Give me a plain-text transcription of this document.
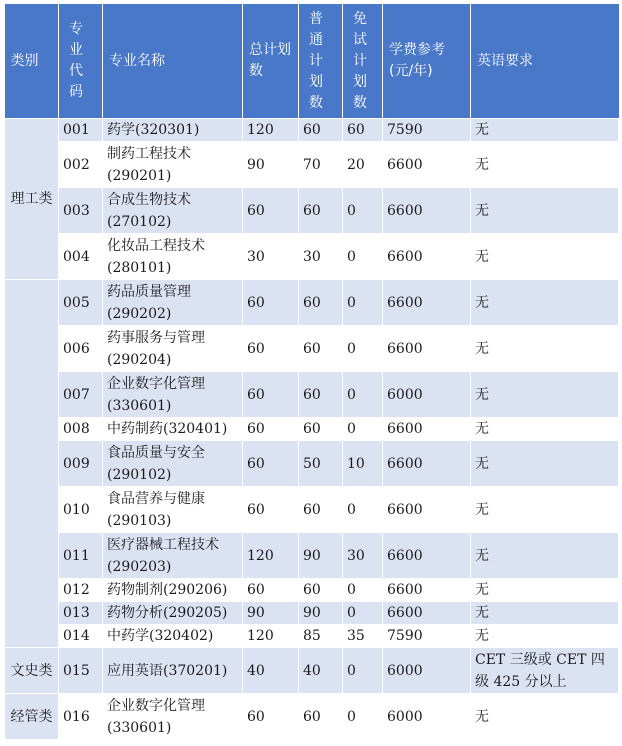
类别	专业代码	专业名称	总计划数	普通计划数	免试计划数	学费参考(元/年)	英语要求
理工类	001	药学(320301)	120	60	60	7590	无
	002	制药工程技术(290201)	90	70	20	6600	无
	003	合成生物技术(270102)	60	60	0	6600	无
	004	化妆品工程技术(280101)	30	30	0	6600	无
	005	药品质量管理(290202)	60	60	0	6600	无
	006	药事服务与管理(290204)	60	60	0	6600	无
	007	企业数字化管理(330601)	60	60	0	6000	无
	008	中药制药(320401)	60	60	0	6600	无
	009	食品质量与安全(290102)	60	50	10	6600	无
	010	食品营养与健康(290103)	60	60	0	6600	无
	011	医疗器械工程技术(290203)	120	90	30	6600	无
	012	药物制剂(290206)	60	60	0	6600	无
	013	药物分析(290205)	90	90	0	6600	无
	014	中药学(320402)	120	85	35	7590	无
文史类	015	应用英语(370201)	40	40	0	6000	CET 三级或 CET 四级 425 分以上
经管类	016	企业数字化管理(330601)	60	60	0	6000	无
